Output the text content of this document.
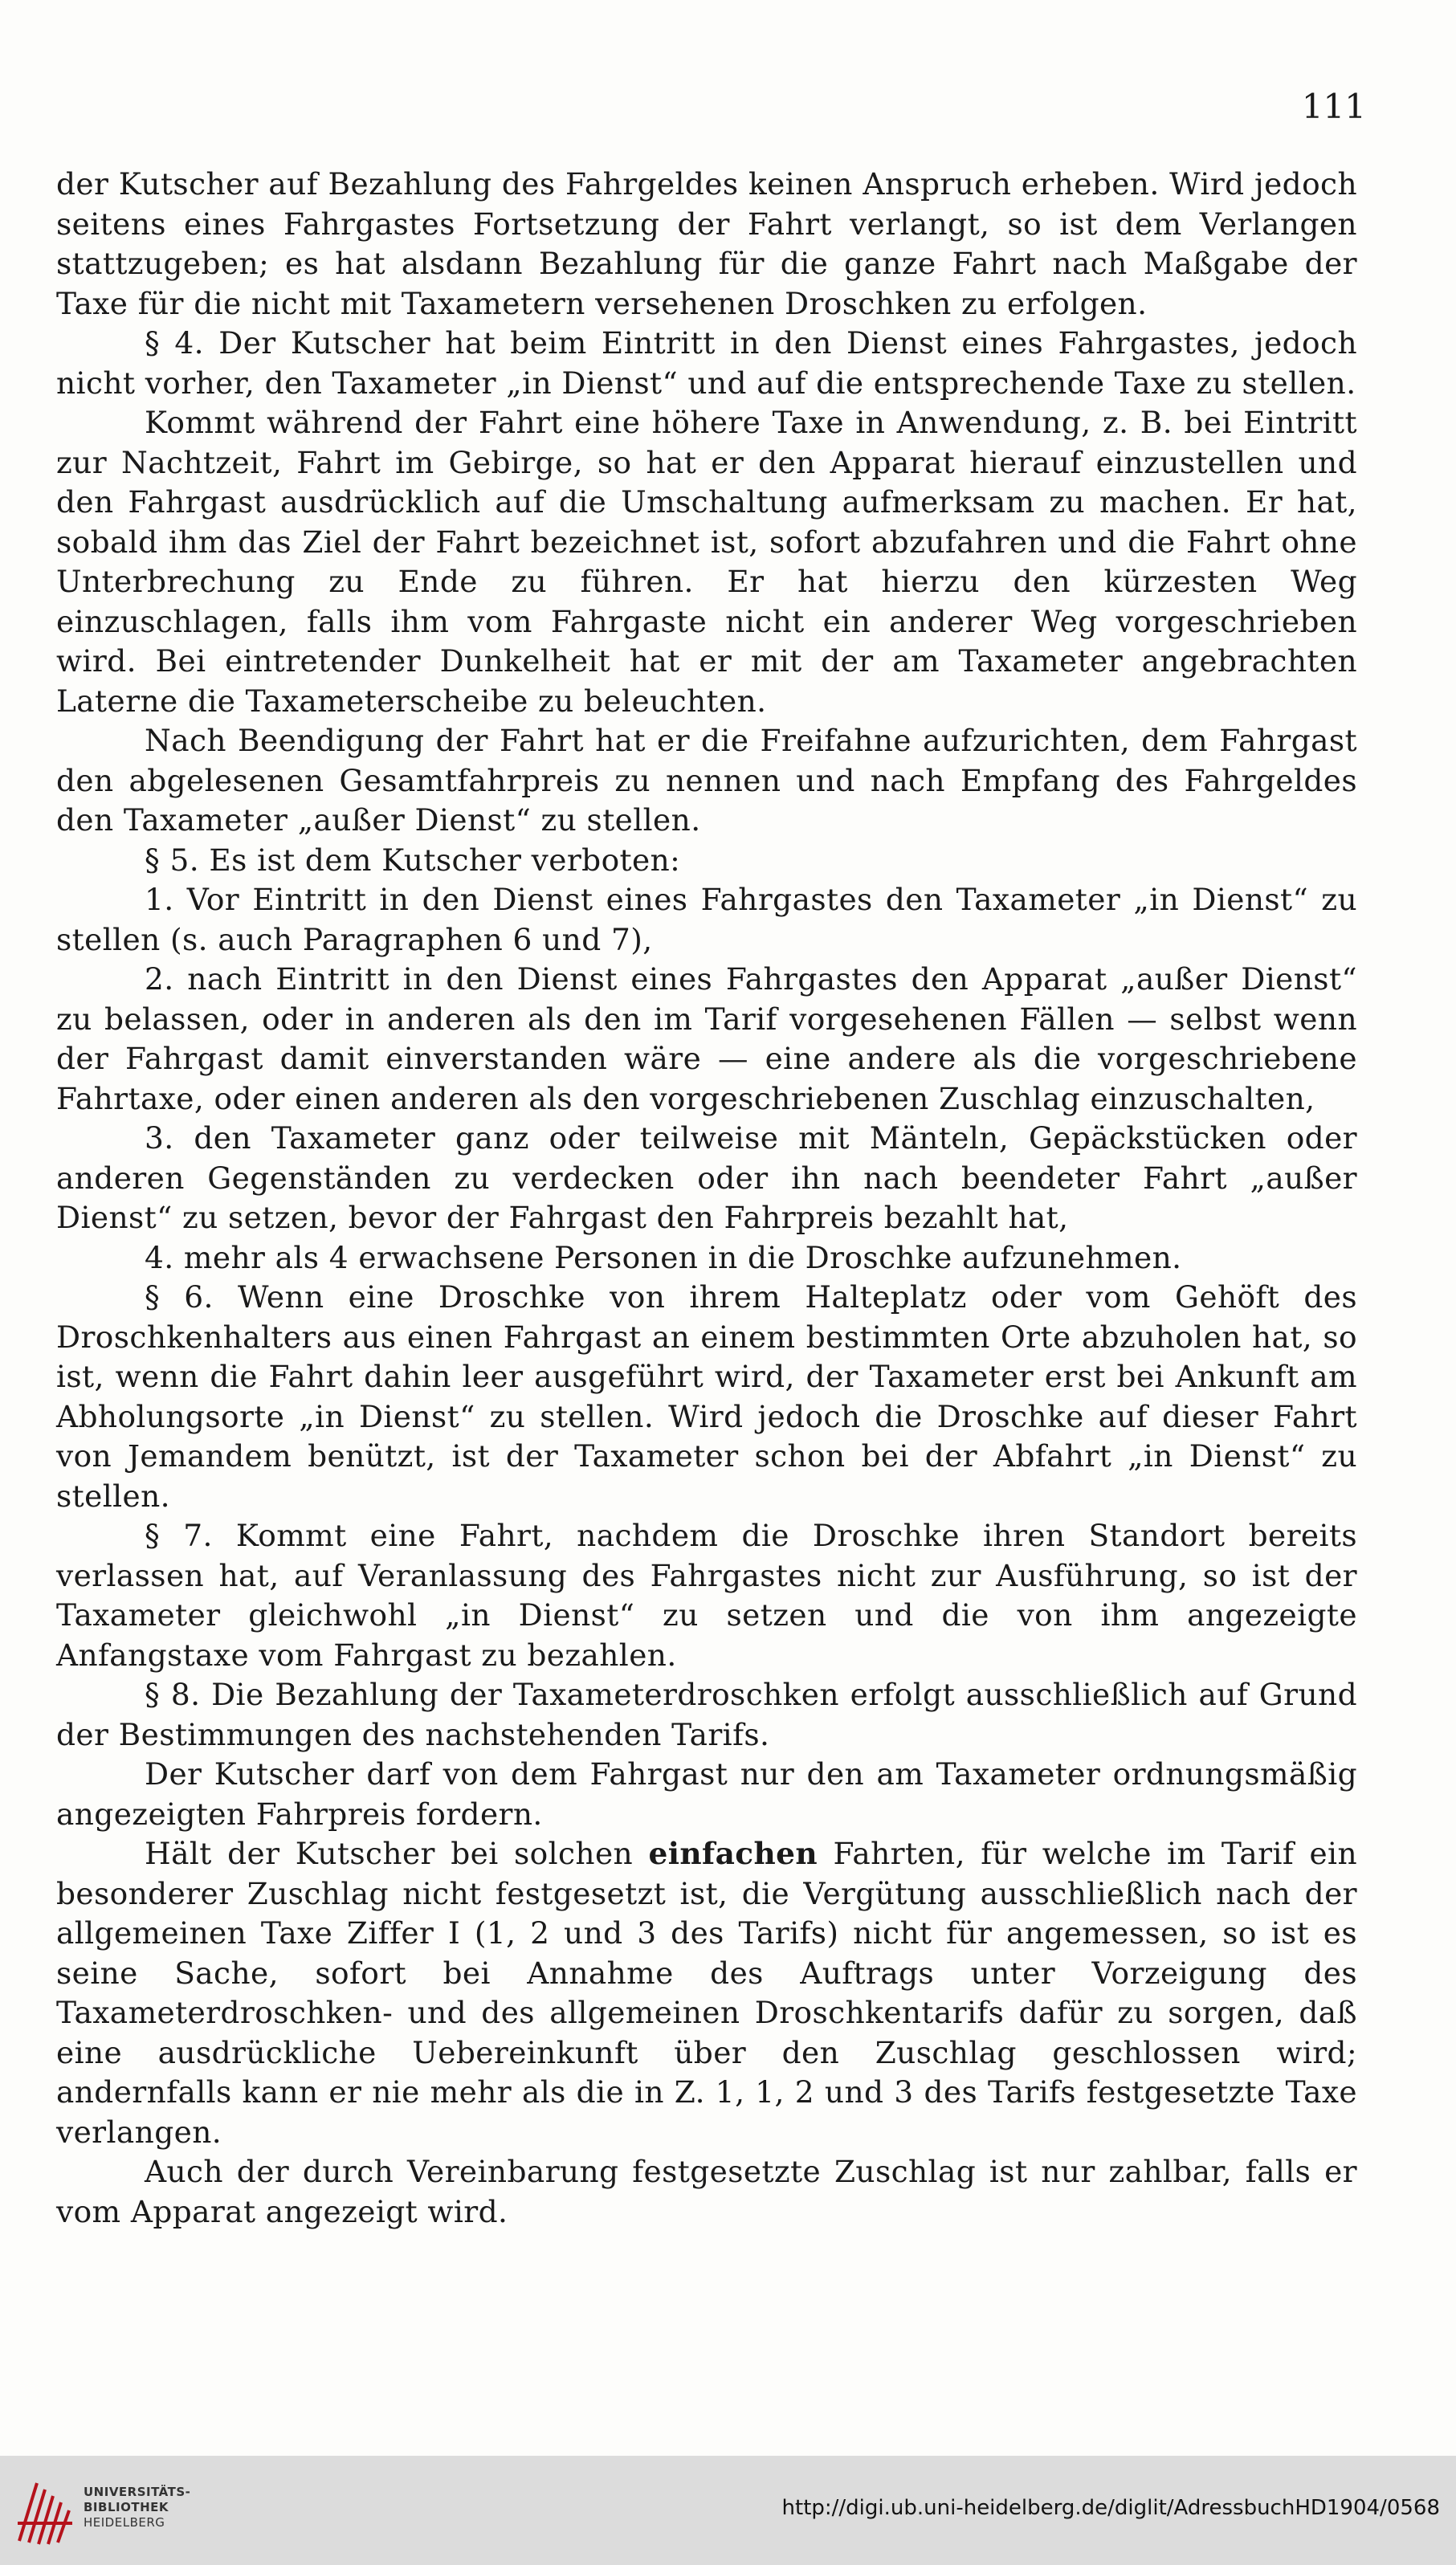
111

der Kutscher auf Bezahlung des Fahrgeldes keinen Anspruch erheben. Wird jedoch seitens eines Fahrgastes Fortsetzung der Fahrt verlangt, so ist dem Verlangen stattzugeben; es hat alsdann Bezahlung für die ganze Fahrt nach Maßgabe der Taxe für die nicht mit Taxametern versehenen Droschken zu erfolgen.

§ 4. Der Kutscher hat beim Eintritt in den Dienst eines Fahrgastes, jedoch nicht vorher, den Taxameter „in Dienst“ und auf die entsprechende Taxe zu stellen.

Kommt während der Fahrt eine höhere Taxe in Anwendung, z. B. bei Eintritt zur Nachtzeit, Fahrt im Gebirge, so hat er den Apparat hierauf einzustellen und den Fahrgast ausdrücklich auf die Umschaltung aufmerksam zu machen. Er hat, sobald ihm das Ziel der Fahrt bezeichnet ist, sofort abzufahren und die Fahrt ohne Unterbrechung zu Ende zu führen. Er hat hierzu den kürzesten Weg einzuschlagen, falls ihm vom Fahrgaste nicht ein anderer Weg vorgeschrieben wird. Bei eintretender Dunkelheit hat er mit der am Taxameter angebrachten Laterne die Taxameterscheibe zu beleuchten.

Nach Beendigung der Fahrt hat er die Freifahne aufzurichten, dem Fahrgast den abgelesenen Gesamtfahrpreis zu nennen und nach Empfang des Fahrgeldes den Taxameter „außer Dienst“ zu stellen.

§ 5. Es ist dem Kutscher verboten:

1. Vor Eintritt in den Dienst eines Fahrgastes den Taxameter „in Dienst“ zu stellen (s. auch Paragraphen 6 und 7),

2. nach Eintritt in den Dienst eines Fahrgastes den Apparat „außer Dienst“ zu belassen, oder in anderen als den im Tarif vorgesehenen Fällen — selbst wenn der Fahrgast damit einverstanden wäre — eine andere als die vorgeschriebene Fahrtaxe, oder einen anderen als den vorgeschriebenen Zuschlag einzuschalten,

3. den Taxameter ganz oder teilweise mit Mänteln, Gepäckstücken oder anderen Gegenständen zu verdecken oder ihn nach beendeter Fahrt „außer Dienst“ zu setzen, bevor der Fahrgast den Fahrpreis bezahlt hat,

4. mehr als 4 erwachsene Personen in die Droschke aufzunehmen.

§ 6. Wenn eine Droschke von ihrem Halteplatz oder vom Gehöft des Droschkenhalters aus einen Fahrgast an einem bestimmten Orte abzuholen hat, so ist, wenn die Fahrt dahin leer ausgeführt wird, der Taxameter erst bei Ankunft am Abholungsorte „in Dienst“ zu stellen. Wird jedoch die Droschke auf dieser Fahrt von Jemandem benützt, ist der Taxameter schon bei der Abfahrt „in Dienst“ zu stellen.

§ 7. Kommt eine Fahrt, nachdem die Droschke ihren Standort bereits verlassen hat, auf Veranlassung des Fahrgastes nicht zur Ausführung, so ist der Taxameter gleichwohl „in Dienst“ zu setzen und die von ihm angezeigte Anfangstaxe vom Fahrgast zu bezahlen.

§ 8. Die Bezahlung der Taxameterdroschken erfolgt ausschließlich auf Grund der Bestimmungen des nachstehenden Tarifs.

Der Kutscher darf von dem Fahrgast nur den am Taxameter ordnungsmäßig angezeigten Fahrpreis fordern.

Hält der Kutscher bei solchen einfachen Fahrten, für welche im Tarif ein besonderer Zuschlag nicht festgesetzt ist, die Vergütung ausschließlich nach der allgemeinen Taxe Ziffer I (1, 2 und 3 des Tarifs) nicht für angemessen, so ist es seine Sache, sofort bei Annahme des Auftrags unter Vorzeigung des Taxameterdroschken- und des allgemeinen Droschkentarifs dafür zu sorgen, daß eine ausdrückliche Uebereinkunft über den Zuschlag geschlossen wird; andernfalls kann er nie mehr als die in Z. 1, 1, 2 und 3 des Tarifs festgesetzte Taxe verlangen.

Auch der durch Vereinbarung festgesetzte Zuschlag ist nur zahlbar, falls er vom Apparat angezeigt wird.

UNIVERSITÄTS-
BIBLIOTHEK
HEIDELBERG
http://digi.ub.uni-heidelberg.de/diglit/AdressbuchHD1904/0568
